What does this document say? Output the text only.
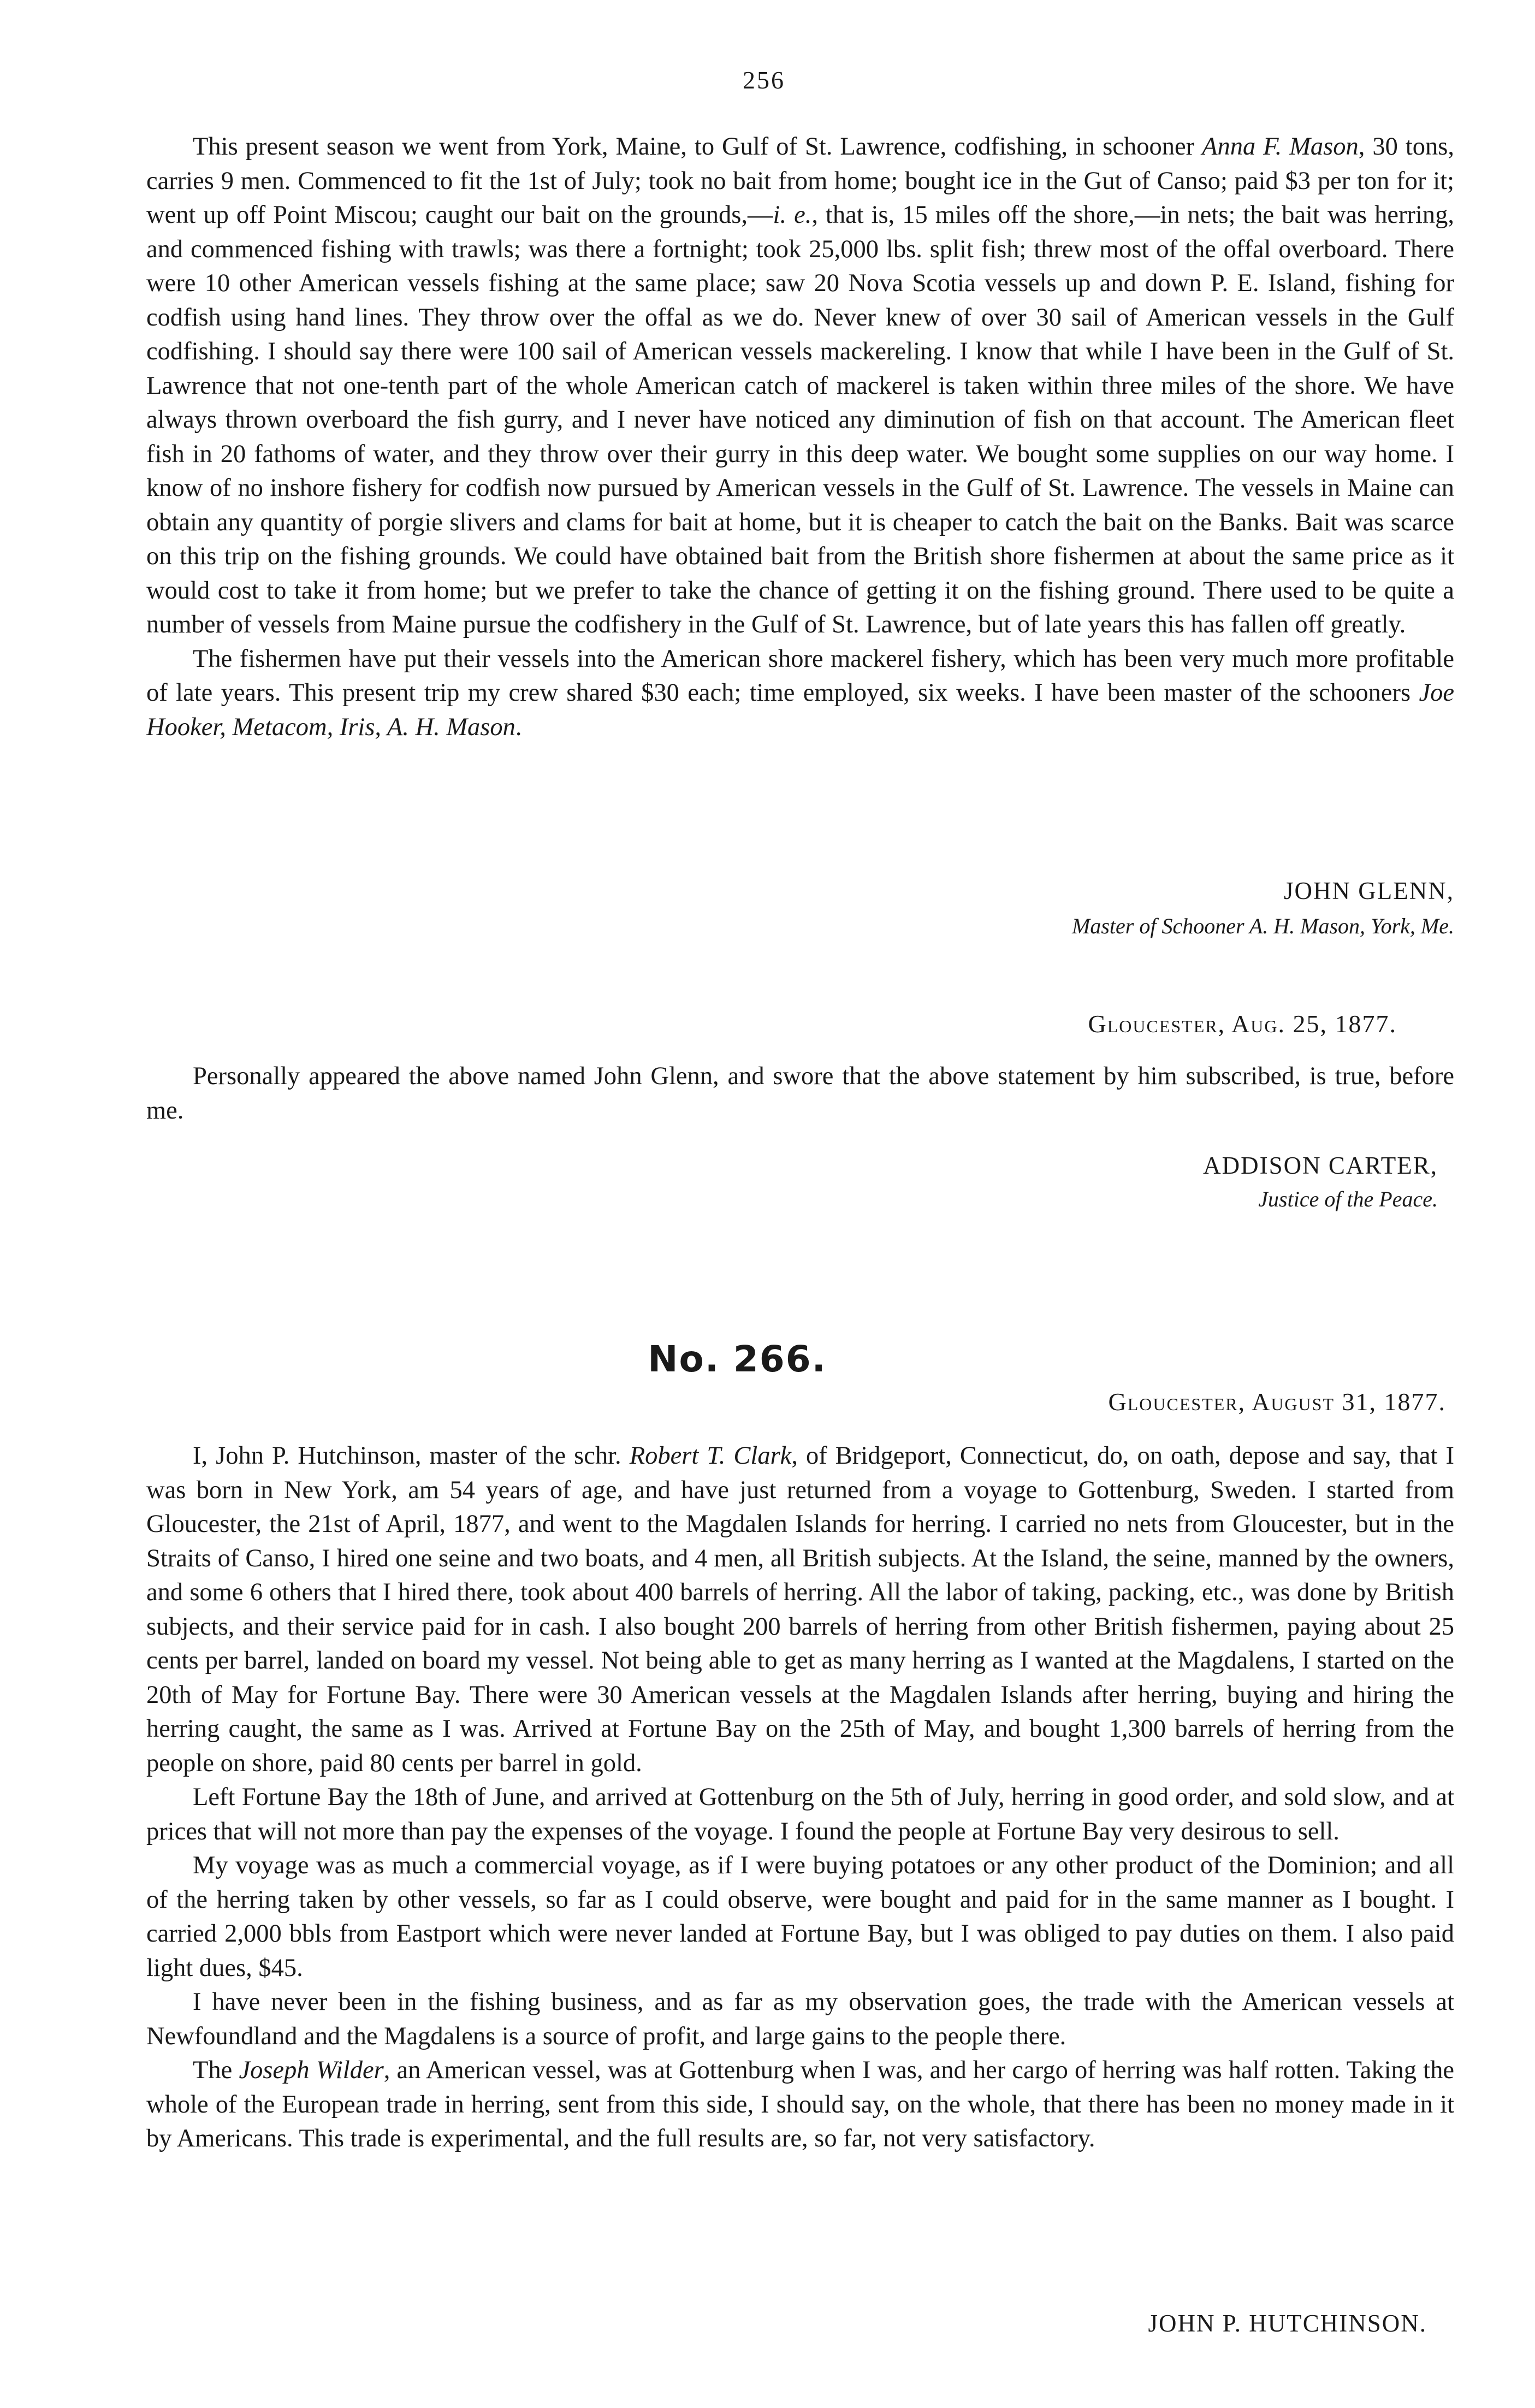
256

This present season we went from York, Maine, to Gulf of St. Lawrence, codfishing, in schooner Anna F. Mason, 30 tons, carries 9 men. Commenced to fit the 1st of July; took no bait from home; bought ice in the Gut of Canso; paid $3 per ton for it; went up off Point Miscou; caught our bait on the grounds,—i. e., that is, 15 miles off the shore,—in nets; the bait was herring, and commenced fishing with trawls; was there a fortnight; took 25,000 lbs. split fish; threw most of the offal overboard. There were 10 other American vessels fishing at the same place; saw 20 Nova Scotia vessels up and down P. E. Island, fishing for codfish using hand lines. They throw over the offal as we do. Never knew of over 30 sail of American vessels in the Gulf codfishing. I should say there were 100 sail of American vessels mackereling. I know that while I have been in the Gulf of St. Lawrence that not one-tenth part of the whole American catch of mackerel is taken within three miles of the shore. We have always thrown overboard the fish gurry, and I never have noticed any diminution of fish on that account. The American fleet fish in 20 fathoms of water, and they throw over their gurry in this deep water. We bought some supplies on our way home. I know of no inshore fishery for codfish now pursued by American vessels in the Gulf of St. Lawrence. The vessels in Maine can obtain any quantity of porgie slivers and clams for bait at home, but it is cheaper to catch the bait on the Banks. Bait was scarce on this trip on the fishing grounds. We could have obtained bait from the British shore fishermen at about the same price as it would cost to take it from home; but we prefer to take the chance of getting it on the fishing ground. There used to be quite a number of vessels from Maine pursue the codfishery in the Gulf of St. Lawrence, but of late years this has fallen off greatly.

The fishermen have put their vessels into the American shore mackerel fishery, which has been very much more profitable of late years. This present trip my crew shared $30 each; time employed, six weeks. I have been master of the schooners Joe Hooker, Metacom, Iris, A. H. Mason.

JOHN GLENN,
Master of Schooner A. H. Mason, York, Me.
Gloucester, Aug. 25, 1877.

Personally appeared the above named John Glenn, and swore that the above statement by him subscribed, is true, before me.

ADDISON CARTER,
Justice of the Peace.
No. 266.
Gloucester, August 31, 1877.

I, John P. Hutchinson, master of the schr. Robert T. Clark, of Bridgeport, Connecticut, do, on oath, depose and say, that I was born in New York, am 54 years of age, and have just returned from a voyage to Gottenburg, Sweden. I started from Gloucester, the 21st of April, 1877, and went to the Magdalen Islands for herring. I carried no nets from Gloucester, but in the Straits of Canso, I hired one seine and two boats, and 4 men, all British subjects. At the Island, the seine, manned by the owners, and some 6 others that I hired there, took about 400 barrels of herring. All the labor of taking, packing, etc., was done by British subjects, and their service paid for in cash. I also bought 200 barrels of herring from other British fishermen, paying about 25 cents per barrel, landed on board my vessel. Not being able to get as many herring as I wanted at the Magdalens, I started on the 20th of May for Fortune Bay. There were 30 American vessels at the Magdalen Islands after herring, buying and hiring the herring caught, the same as I was. Arrived at Fortune Bay on the 25th of May, and bought 1,300 barrels of herring from the people on shore, paid 80 cents per barrel in gold.

Left Fortune Bay the 18th of June, and arrived at Gottenburg on the 5th of July, herring in good order, and sold slow, and at prices that will not more than pay the expenses of the voyage. I found the people at Fortune Bay very desirous to sell.

My voyage was as much a commercial voyage, as if I were buying potatoes or any other product of the Dominion; and all of the herring taken by other vessels, so far as I could observe, were bought and paid for in the same manner as I bought. I carried 2,000 bbls from Eastport which were never landed at Fortune Bay, but I was obliged to pay duties on them. I also paid light dues, $45.

I have never been in the fishing business, and as far as my observation goes, the trade with the American vessels at Newfoundland and the Magdalens is a source of profit, and large gains to the people there.

The Joseph Wilder, an American vessel, was at Gottenburg when I was, and her cargo of herring was half rotten. Taking the whole of the European trade in herring, sent from this side, I should say, on the whole, that there has been no money made in it by Americans. This trade is experimental, and the full results are, so far, not very satisfactory.

JOHN P. HUTCHINSON.
